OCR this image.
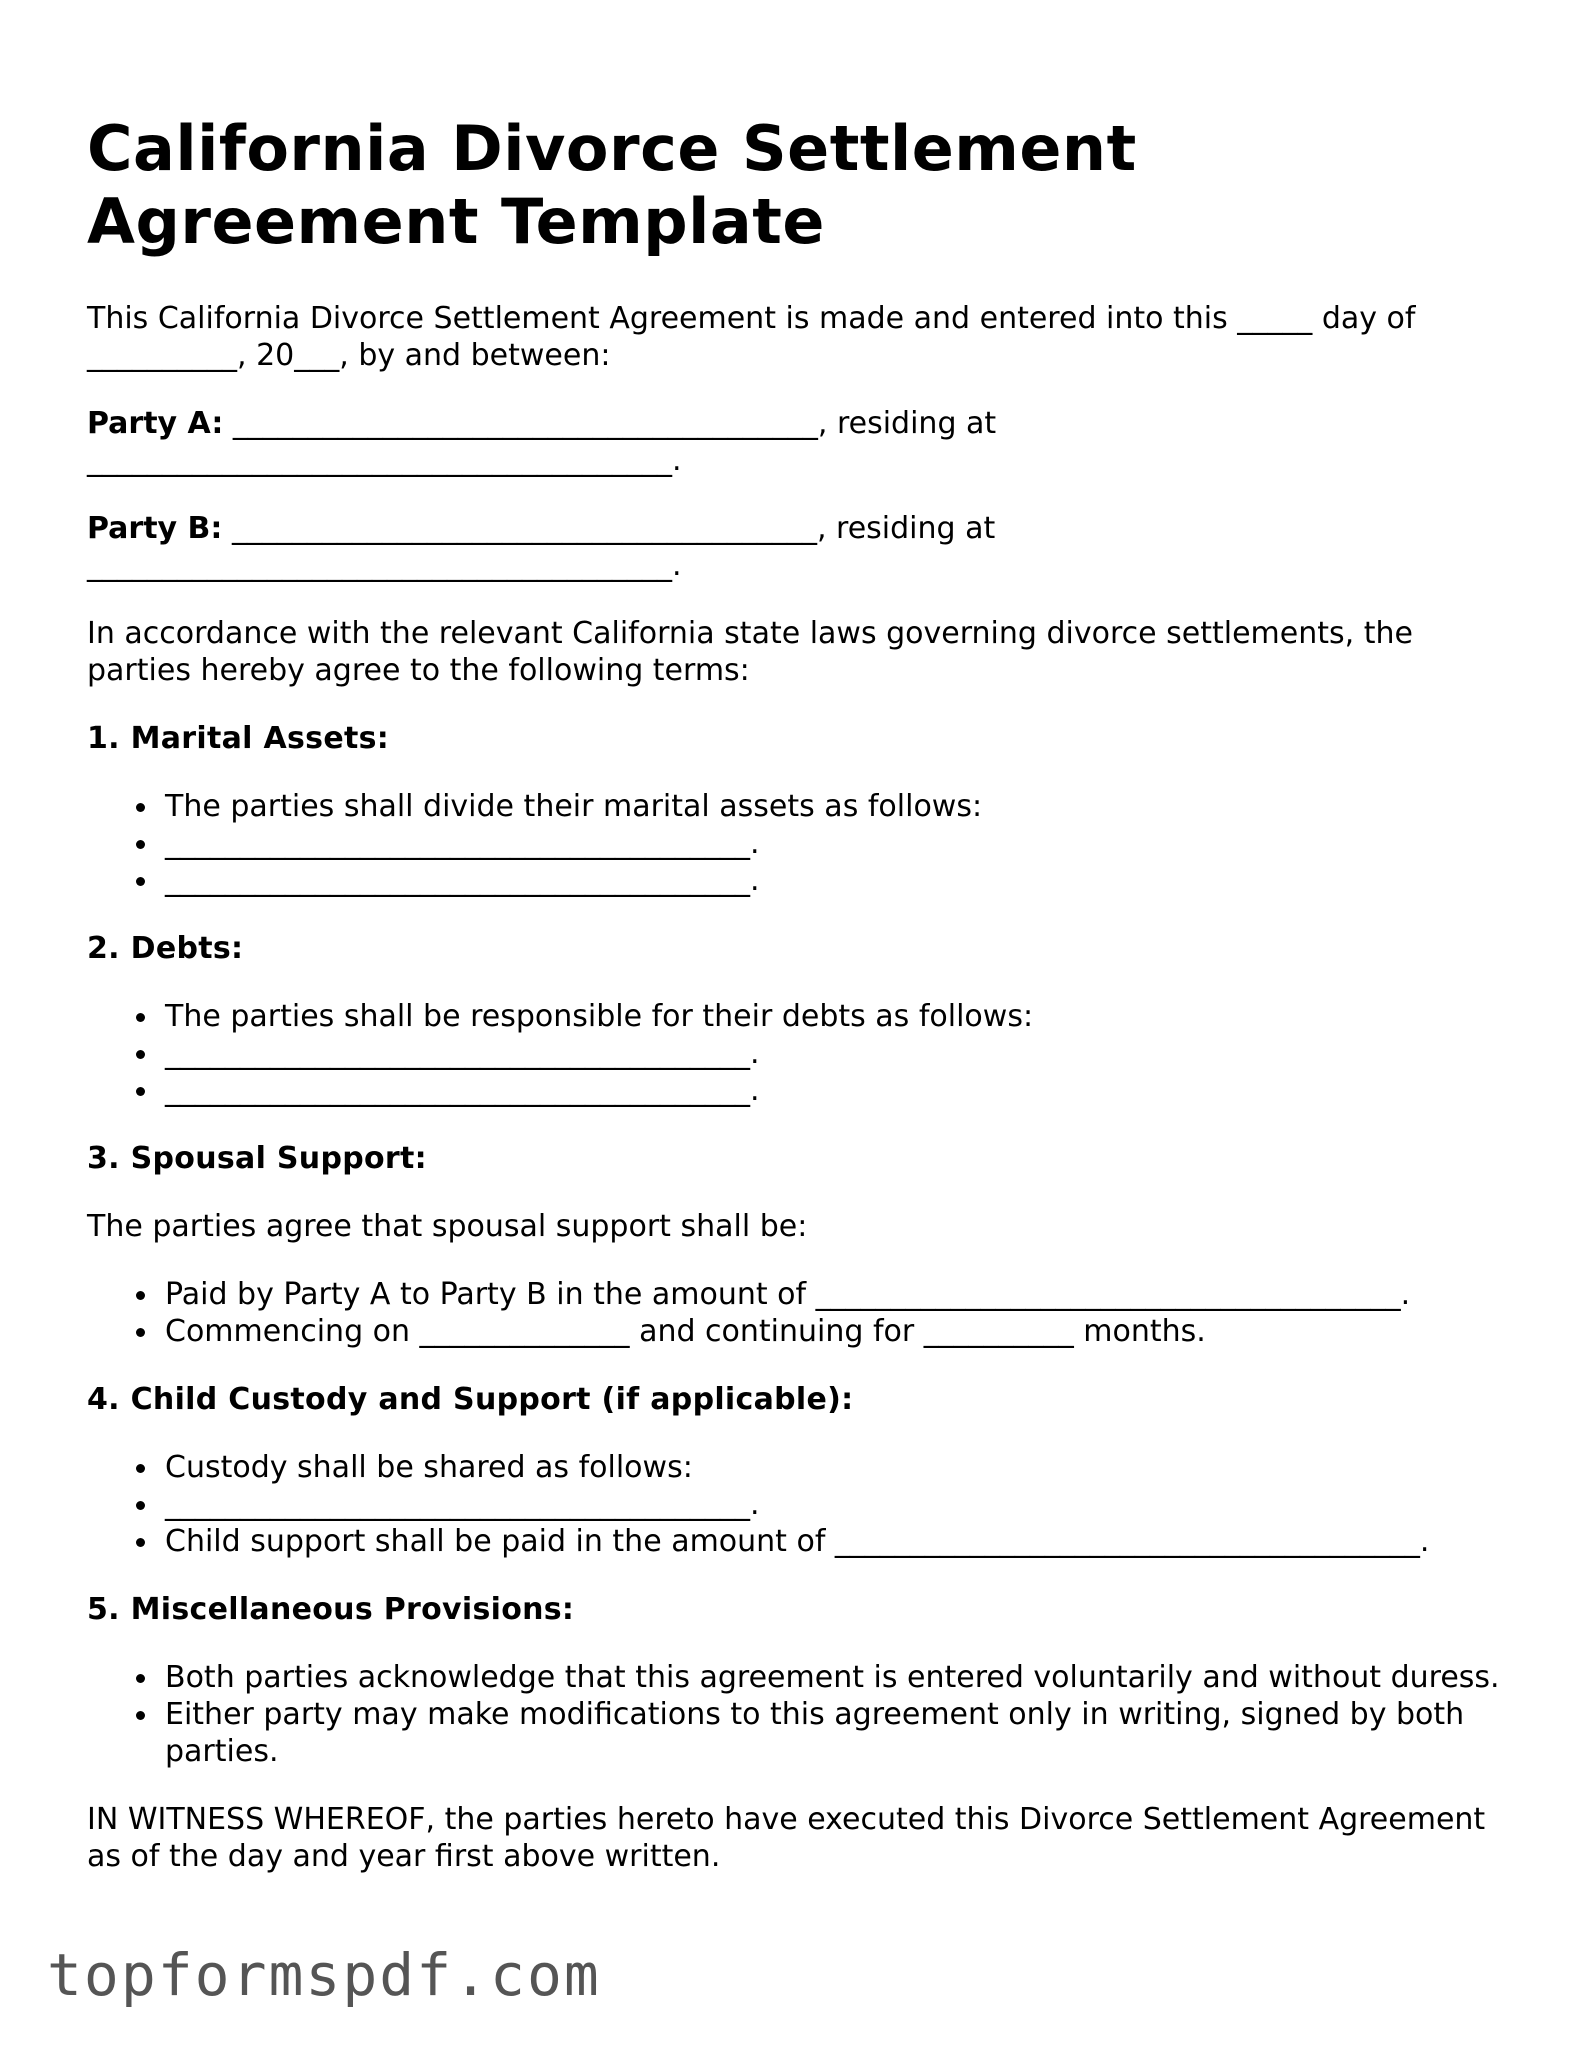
California Divorce Settlement Agreement Template

This California Divorce Settlement Agreement is made and entered into this _____ day of __________, 20___, by and between:

Party A: _______________________________________, residing at _______________________________________.

Party B: _______________________________________, residing at _______________________________________.

In accordance with the relevant California state laws governing divorce settlements, the parties hereby agree to the following terms:

1. Marital Assets:
The parties shall divide their marital assets as follows:
_______________________________________.
_______________________________________.
2. Debts:
The parties shall be responsible for their debts as follows:
_______________________________________.
_______________________________________.
3. Spousal Support:

The parties agree that spousal support shall be:

Paid by Party A to Party B in the amount of _______________________________________.
Commencing on ______________ and continuing for __________ months.
4. Child Custody and Support (if applicable):
Custody shall be shared as follows:
_______________________________________.
Child support shall be paid in the amount of _______________________________________.
5. Miscellaneous Provisions:
Both parties acknowledge that this agreement is entered voluntarily and without duress.
Either party may make modifications to this agreement only in writing, signed by both parties.

IN WITNESS WHEREOF, the parties hereto have executed this Divorce Settlement Agreement as of the day and year first above written.

topformspdf.com
